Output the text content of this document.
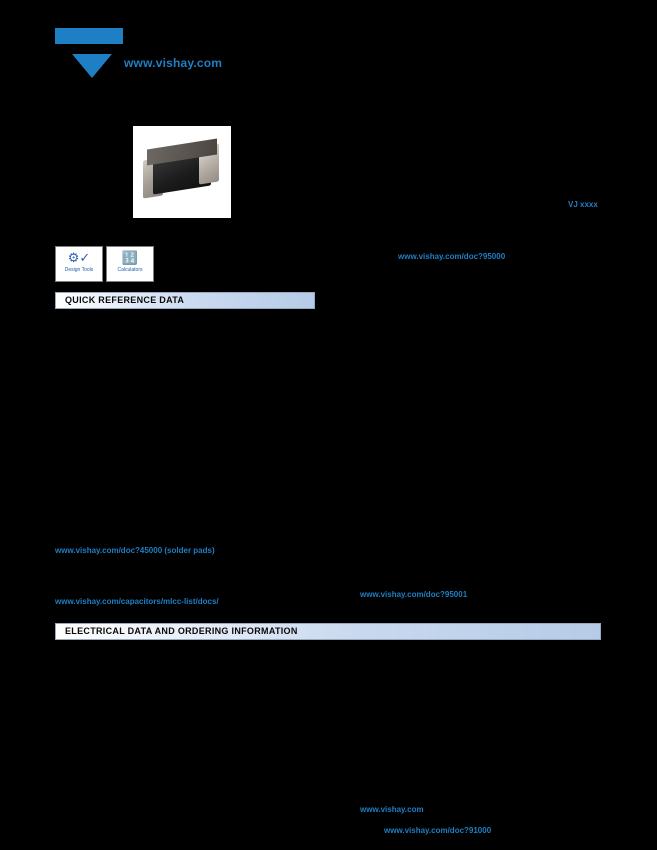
www.vishay.com
VJ xxxx
⚙✓
Design Tools
🔢
Calculators
www.vishay.com/doc?95000
www.vishay.com/doc?45000 (solder pads)
www.vishay.com/capacitors/mlcc-list/docs/
www.vishay.com/doc?95001
www.vishay.com
www.vishay.com/doc?91000
QUICK REFERENCE DATA
ELECTRICAL DATA AND ORDERING INFORMATION
